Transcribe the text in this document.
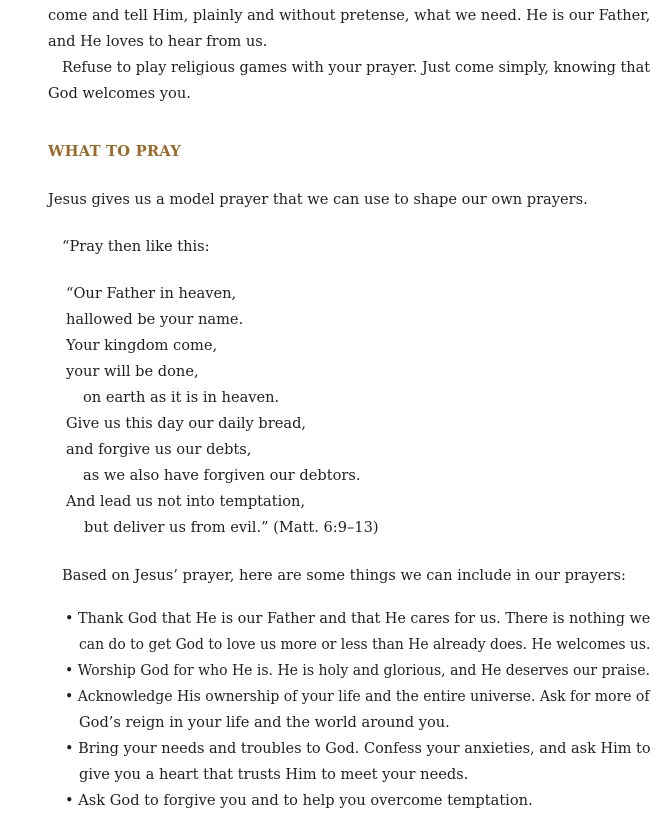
come and tell Him, plainly and without pretense, what we need. He is our Father,
and He loves to hear from us.
Refuse to play religious games with your prayer. Just come simply, knowing that
God welcomes you.
WHAT TO PRAY
Jesus gives us a model prayer that we can use to shape our own prayers.
“Pray then like this:
“Our Father in heaven,
hallowed be your name.
Your kingdom come,
your will be done,
on earth as it is in heaven.
Give us this day our daily bread,
and forgive us our debts,
as we also have forgiven our debtors.
And lead us not into temptation,
but deliver us from evil.” (Matt. 6:9–13)
Based on Jesus’ prayer, here are some things we can include in our prayers:
• Thank God that He is our Father and that He cares for us. There is nothing we
can do to get God to love us more or less than He already does. He welcomes us.
• Worship God for who He is. He is holy and glorious, and He deserves our praise.
• Acknowledge His ownership of your life and the entire universe. Ask for more of
God’s reign in your life and the world around you.
• Bring your needs and troubles to God. Confess your anxieties, and ask Him to
give you a heart that trusts Him to meet your needs.
• Ask God to forgive you and to help you overcome temptation.
